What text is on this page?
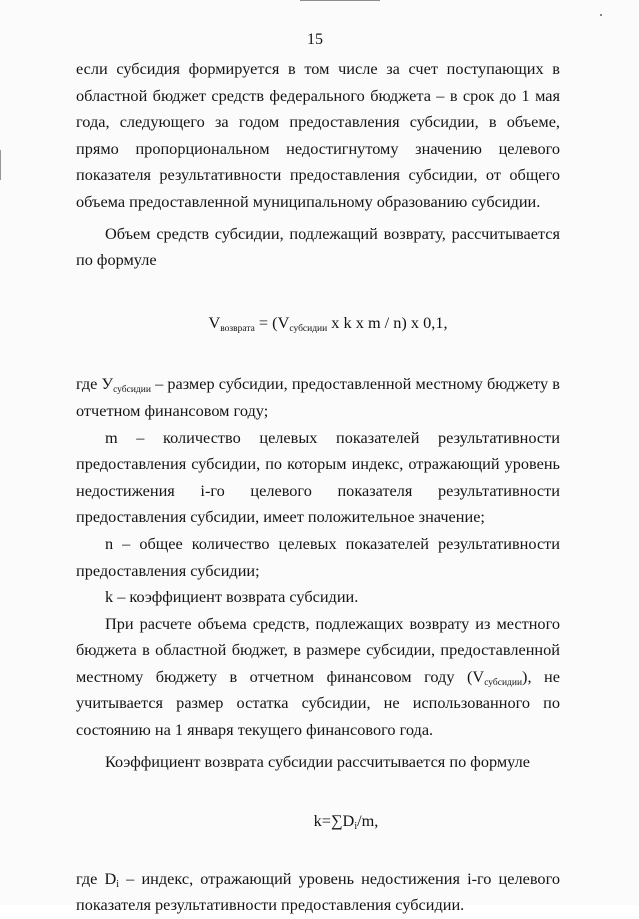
15

если субсидия формируется в том числе за счет поступающих в областной бюджет средств федерального бюджета – в срок до 1 мая года, следующего за годом предоставления субсидии, в объеме, прямо пропорциональном недостигнутому значению целевого показателя результативности предоставления субсидии, от общего объема предоставленной муниципальному образованию субсидии.

Объем средств субсидии, подлежащий возврату, рассчитывается по формуле

$V_{возврата} = (V_{субсидии}$ x k x m / n) x 0,1,

где $У_{субсидии}$ – размер субсидии, предоставленной местному бюджету в отчетном финансовом году;

m – количество целевых показателей результативности предоставления субсидии, по которым индекс, отражающий уровень недостижения i-го целевого показателя результативности предоставления субсидии, имеет положительное значение;

n – общее количество целевых показателей результативности предоставления субсидии;

k – коэффициент возврата субсидии.

При расчете объема средств, подлежащих возврату из местного бюджета в областной бюджет, в размере субсидии, предоставленной местному бюджету в отчетном финансовом году $(V_{субсидии})$, не учитывается размер остатка субсидии, не использованного по состоянию на 1 января текущего финансового года.

Коэффициент возврата субсидии рассчитывается по формуле

k=∑Di/m,

где Di – индекс, отражающий уровень недостижения i-го целевого показателя результативности предоставления субсидии.
